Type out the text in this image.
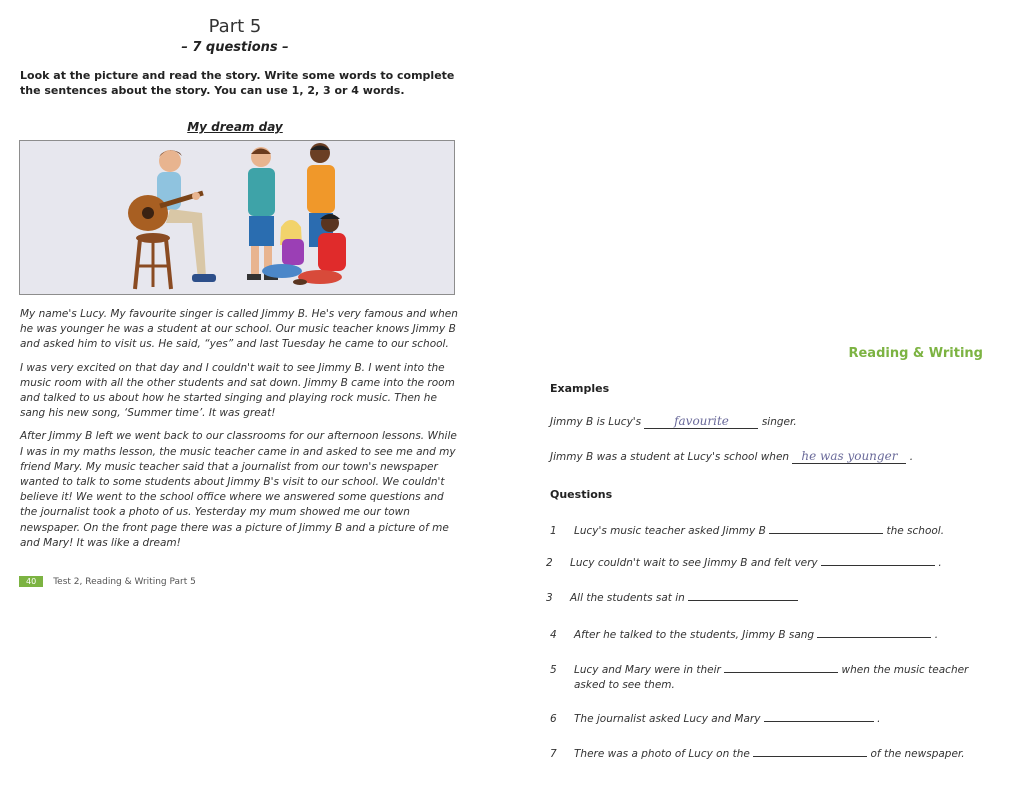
Part 5
– 7 questions –
Look at the picture and read the story. Write some words to complete the sentences about the story. You can use 1, 2, 3 or 4 words.
My dream day

My name's Lucy. My favourite singer is called Jimmy B. He's very famous and when he was younger he was a student at our school. Our music teacher knows Jimmy B and asked him to visit us. He said, “yes” and last Tuesday he came to our school.

I was very excited on that day and I couldn't wait to see Jimmy B. I went into the music room with all the other students and sat down. Jimmy B came into the room and talked to us about how he started singing and playing rock music. Then he sang his new song, ‘Summer time’. It was great!

After Jimmy B left we went back to our classrooms for our afternoon lessons. While I was in my maths lesson, the music teacher came in and asked to see me and my friend Mary. My music teacher said that a journalist from our town's newspaper wanted to talk to some students about Jimmy B's visit to our school. We couldn't believe it! We went to the school office where we answered some questions and the journalist took a photo of us. Yesterday my mum showed me our town newspaper. On the front page there was a picture of Jimmy B and a picture of me and Mary! It was like a dream!

40	Test 2, Reading & Writing Part 5
Reading & Writing
Examples
Jimmy B is Lucy's	favourite	singer.
Jimmy B was a student at Lucy's school when he was younger .
Questions
1 Lucy's music teacher asked Jimmy B	the school.
2 Lucy couldn't wait to see Jimmy B and felt very	.
3 All the students sat in
4 After he talked to the students, Jimmy B sang	.
5 Lucy and Mary were in their	when the music teacher
asked to see them.
6 The journalist asked Lucy and Mary	.
7 There was a photo of Lucy on the	of the newspaper.
